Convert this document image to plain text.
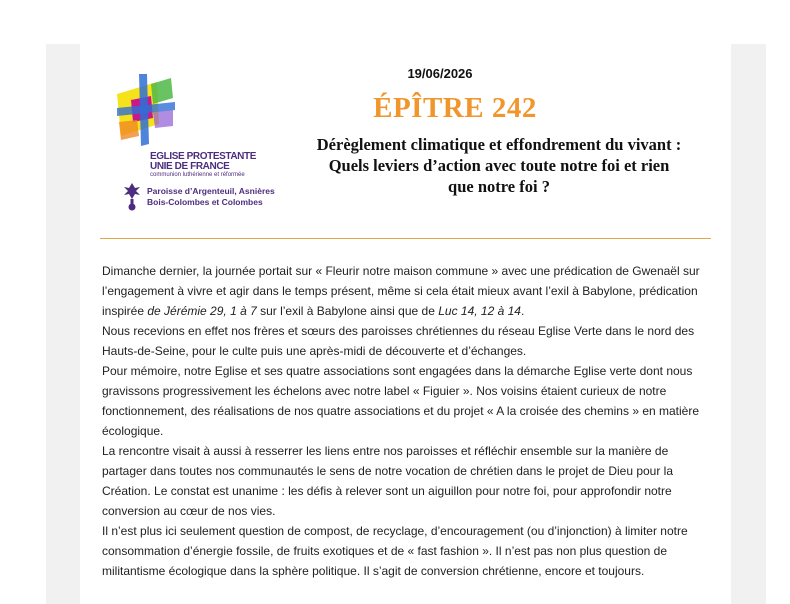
EGLISE PROTESTANTE
UNIE DE FRANCE
communion luthérienne et réformée
Paroisse d’Argenteuil, Asnières
Bois-Colombes et Colombes
19/06/2026
ÉPÎTRE 242
Dérèglement climatique et effondrement du vivant : Quels leviers d’action avec toute notre foi et rien que notre foi ?

Dimanche dernier, la journée portait sur « Fleurir notre maison commune » avec une prédication de Gwenaël sur l’engagement à vivre et agir dans le temps présent, même si cela était mieux avant l’exil à Babylone, prédication inspirée de Jérémie 29, 1 à 7 sur l’exil à Babylone ainsi que de Luc 14, 12 à 14.

Nous recevions en effet nos frères et sœurs des paroisses chrétiennes du réseau Eglise Verte dans le nord des Hauts-de-Seine, pour le culte puis une après-midi de découverte et d’échanges.

Pour mémoire, notre Eglise et ses quatre associations sont engagées dans la démarche Eglise verte dont nous gravissons progressivement les échelons avec notre label « Figuier ». Nos voisins étaient curieux de notre fonctionnement, des réalisations de nos quatre associations et du projet « A la croisée des chemins » en matière écologique.

La rencontre visait à aussi à resserrer les liens entre nos paroisses et réfléchir ensemble sur la manière de partager dans toutes nos communautés le sens de notre vocation de chrétien dans le projet de Dieu pour la Création. Le constat est unanime : les défis à relever sont un aiguillon pour notre foi, pour approfondir notre conversion au cœur de nos vies.

Il n’est plus ici seulement question de compost, de recyclage, d’encouragement (ou d’injonction) à limiter notre consommation d’énergie fossile, de fruits exotiques et de « fast fashion ». Il n’est pas non plus question de militantisme écologique dans la sphère politique. Il s’agit de conversion chrétienne, encore et toujours.
